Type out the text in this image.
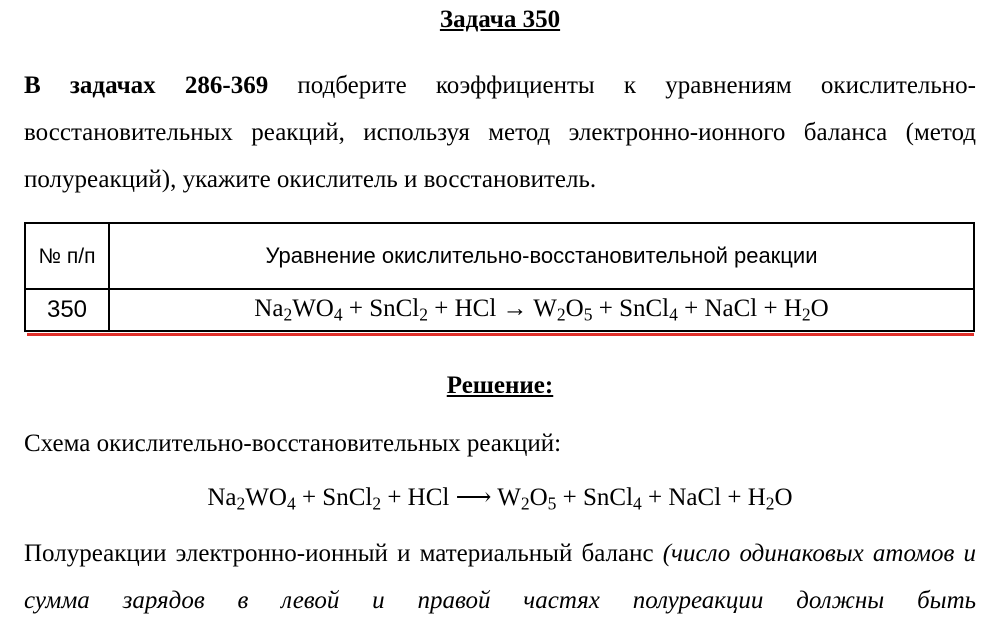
Задача 350
В задачах 286-369 подберите коэффициенты к уравнениям окислительно-восстановительных реакций, используя метод электронно-ионного баланса (метод полуреакций), укажите окислитель и восстановитель.
№ п/п	Уравнение окислительно-восстановительной реакции
350	$Na_2WO_4$ + SnCl$_2$ + HCl → $W_2O_5$ + SnCl$_4$ + NaCl + $H_2O$
Решение:
Схема окислительно-восстановительных реакций:
$Na_2WO_4$ + SnCl$_2$ + HCl ⟶ $W_2O_5$ + SnCl$_4$ + NaCl + $H_2O$
Полуреакции электронно-ионный и материальный баланс (число одинаковых атомов и сумма зарядов в левой и правой частях полуреакции должны быть
